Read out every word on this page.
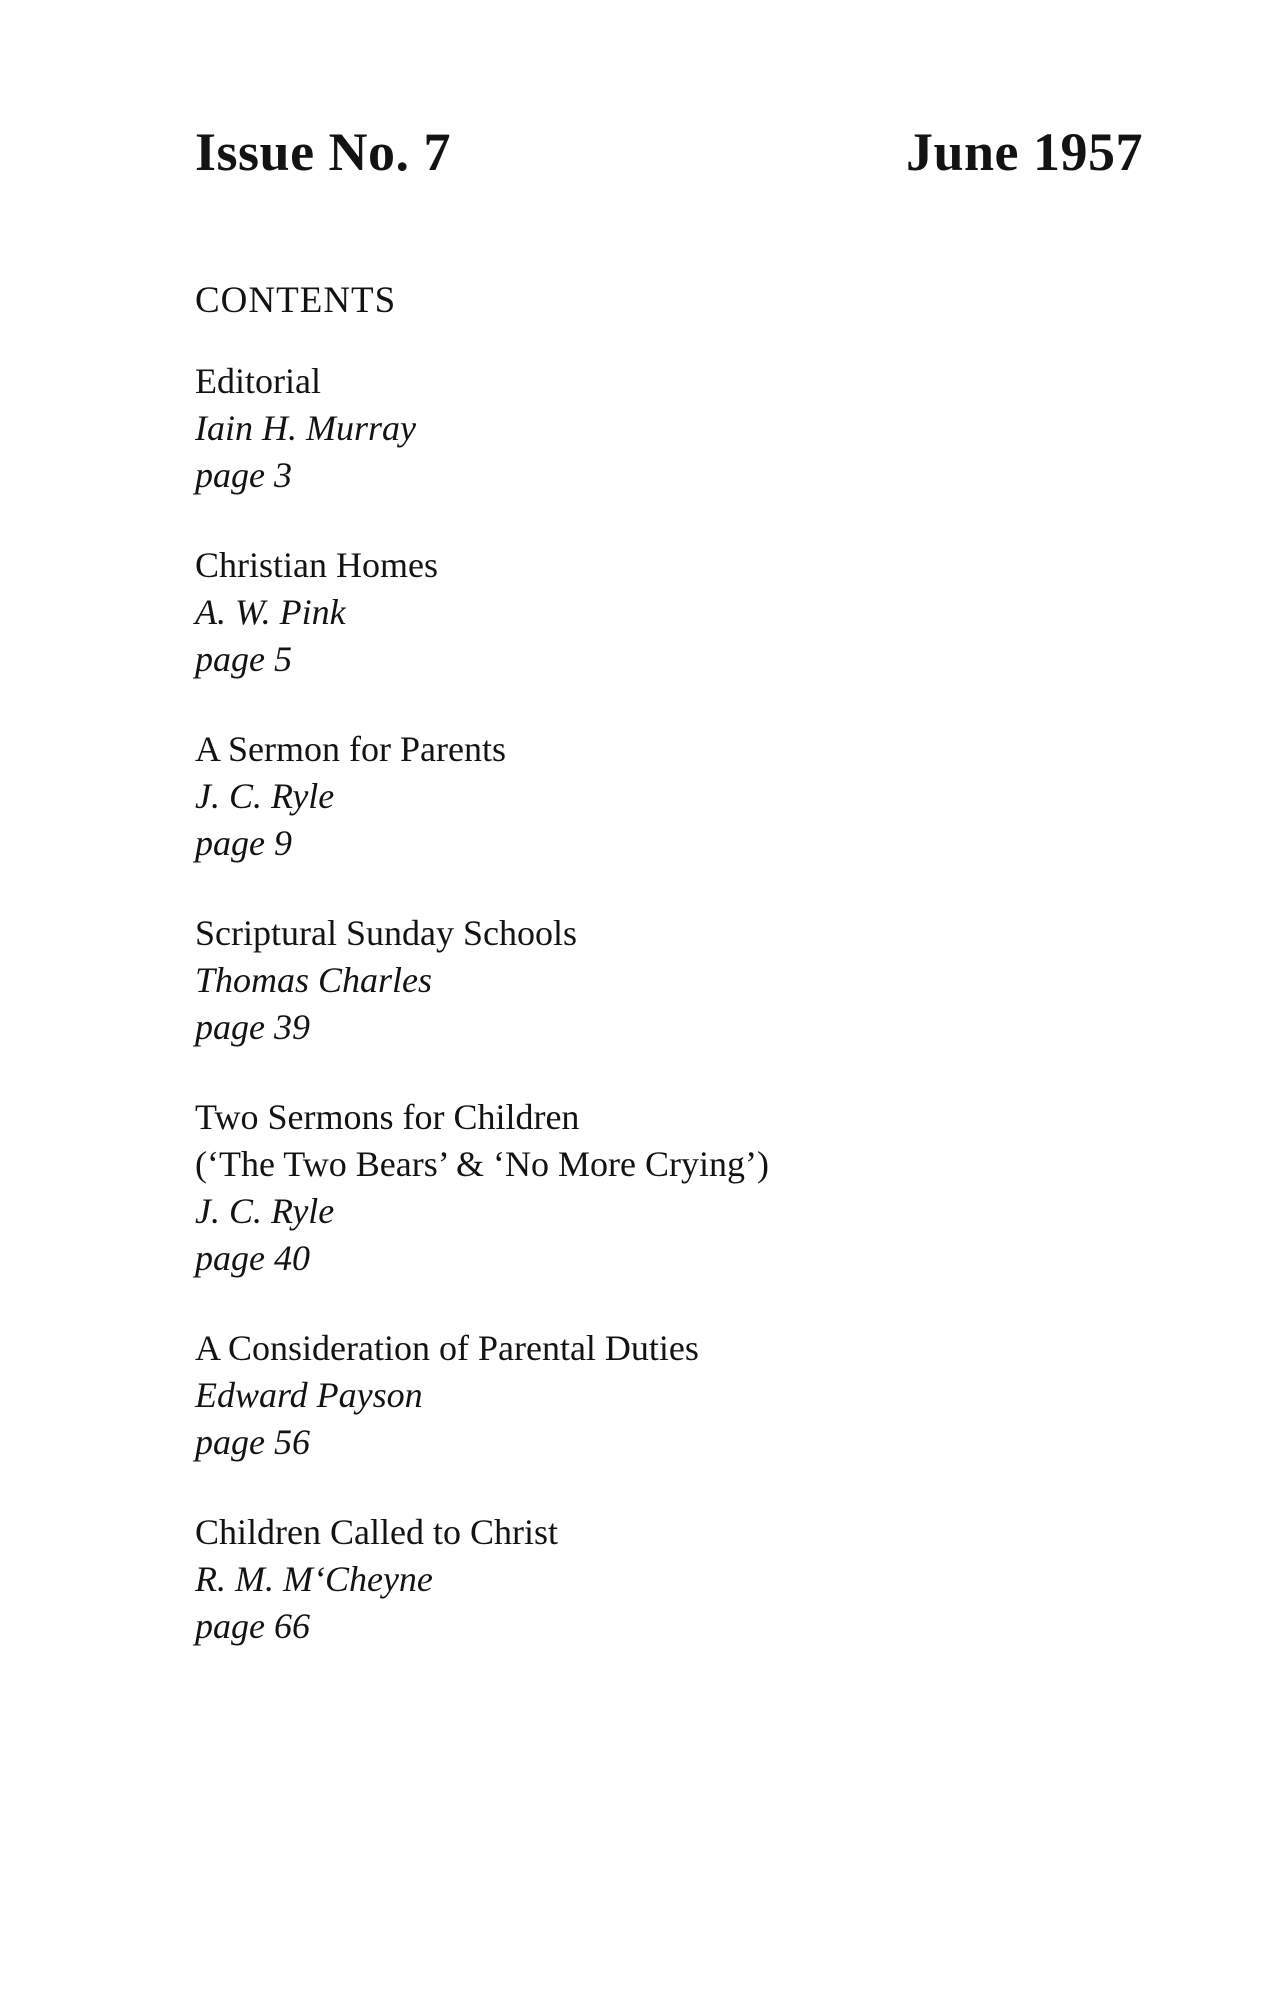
Issue No. 7	June 1957
CONTENTS
Editorial
Iain H. Murray
page 3
Christian Homes
A. W. Pink
page 5
A Sermon for Parents
J. C. Ryle
page 9
Scriptural Sunday Schools
Thomas Charles
page 39
Two Sermons for Children
(‘The Two Bears’ & ‘No More Crying’)
J. C. Ryle
page 40
A Consideration of Parental Duties
Edward Payson
page 56
Children Called to Christ
R. M. M‘Cheyne
page 66
